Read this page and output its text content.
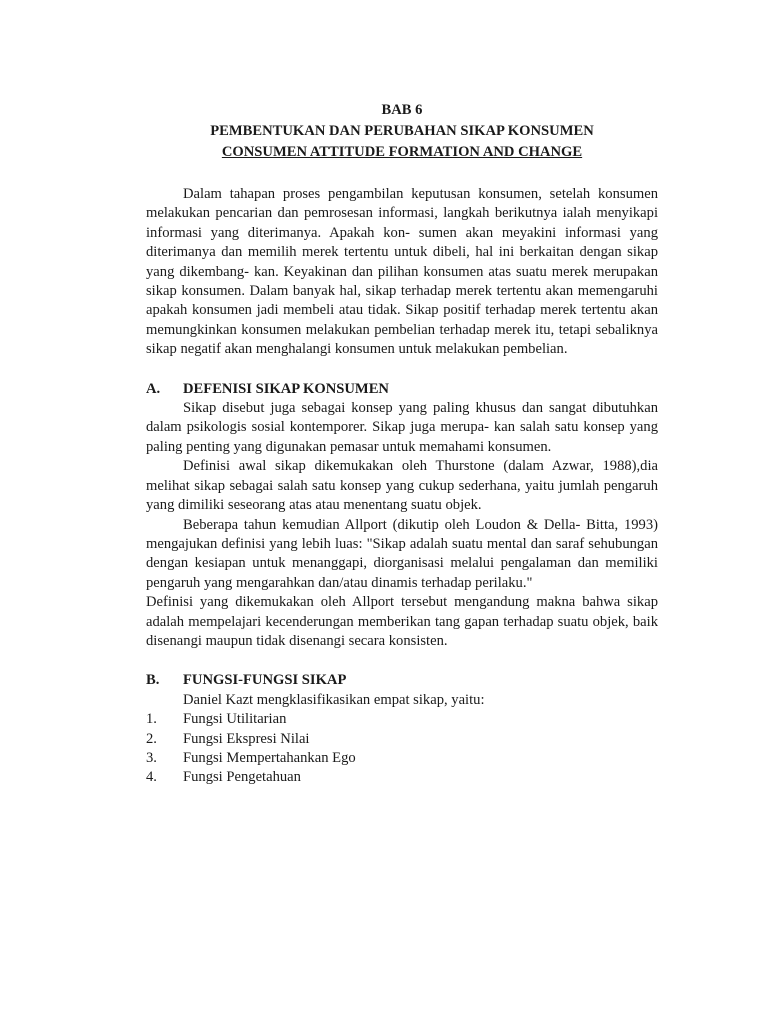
BAB 6
PEMBENTUKAN DAN PERUBAHAN SIKAP KONSUMEN
CONSUMEN ATTITUDE FORMATION AND CHANGE

Dalam tahapan proses pengambilan keputusan konsumen, setelah konsumen melakukan pencarian dan pemrosesan informasi, langkah berikutnya ialah menyikapi informasi yang diterimanya. Apakah kon- sumen akan meyakini informasi yang diterimanya dan memilih merek tertentu untuk dibeli, hal ini berkaitan dengan sikap yang dikembang- kan. Keyakinan dan pilihan konsumen atas suatu merek merupakan sikap konsumen. Dalam banyak hal, sikap terhadap merek tertentu akan memengaruhi apakah konsumen jadi membeli atau tidak. Sikap positif terhadap merek tertentu akan memungkinkan konsumen melakukan pembelian terhadap merek itu, tetapi sebaliknya sikap negatif akan menghalangi konsumen untuk melakukan pembelian.

A.	DEFENISI SIKAP KONSUMEN

Sikap disebut juga sebagai konsep yang paling khusus dan sangat dibutuhkan dalam psikologis sosial kontemporer. Sikap juga merupa- kan salah satu konsep yang paling penting yang digunakan pemasar untuk memahami konsumen.

Definisi awal sikap dikemukakan oleh Thurstone (dalam Azwar, 1988),dia melihat sikap sebagai salah satu konsep yang cukup sederhana, yaitu jumlah pengaruh yang dimiliki seseorang atas atau menentang suatu objek.

Beberapa tahun kemudian Allport (dikutip oleh Loudon & Della- Bitta, 1993) mengajukan definisi yang lebih luas: "Sikap adalah suatu mental dan saraf sehubungan dengan kesiapan untuk menanggapi, diorganisasi melalui pengalaman dan memiliki pengaruh yang mengarahkan dan/atau dinamis terhadap perilaku."

Definisi yang dikemukakan oleh Allport tersebut mengandung makna bahwa sikap adalah mempelajari kecenderungan memberikan tang gapan terhadap suatu objek, baik disenangi maupun tidak disenangi secara konsisten.

B.	FUNGSI-FUNGSI SIKAP

Daniel Kazt mengklasifikasikan empat sikap, yaitu:

1.	Fungsi Utilitarian
2.	Fungsi Ekspresi Nilai
3.	Fungsi Mempertahankan Ego
4.	Fungsi Pengetahuan
